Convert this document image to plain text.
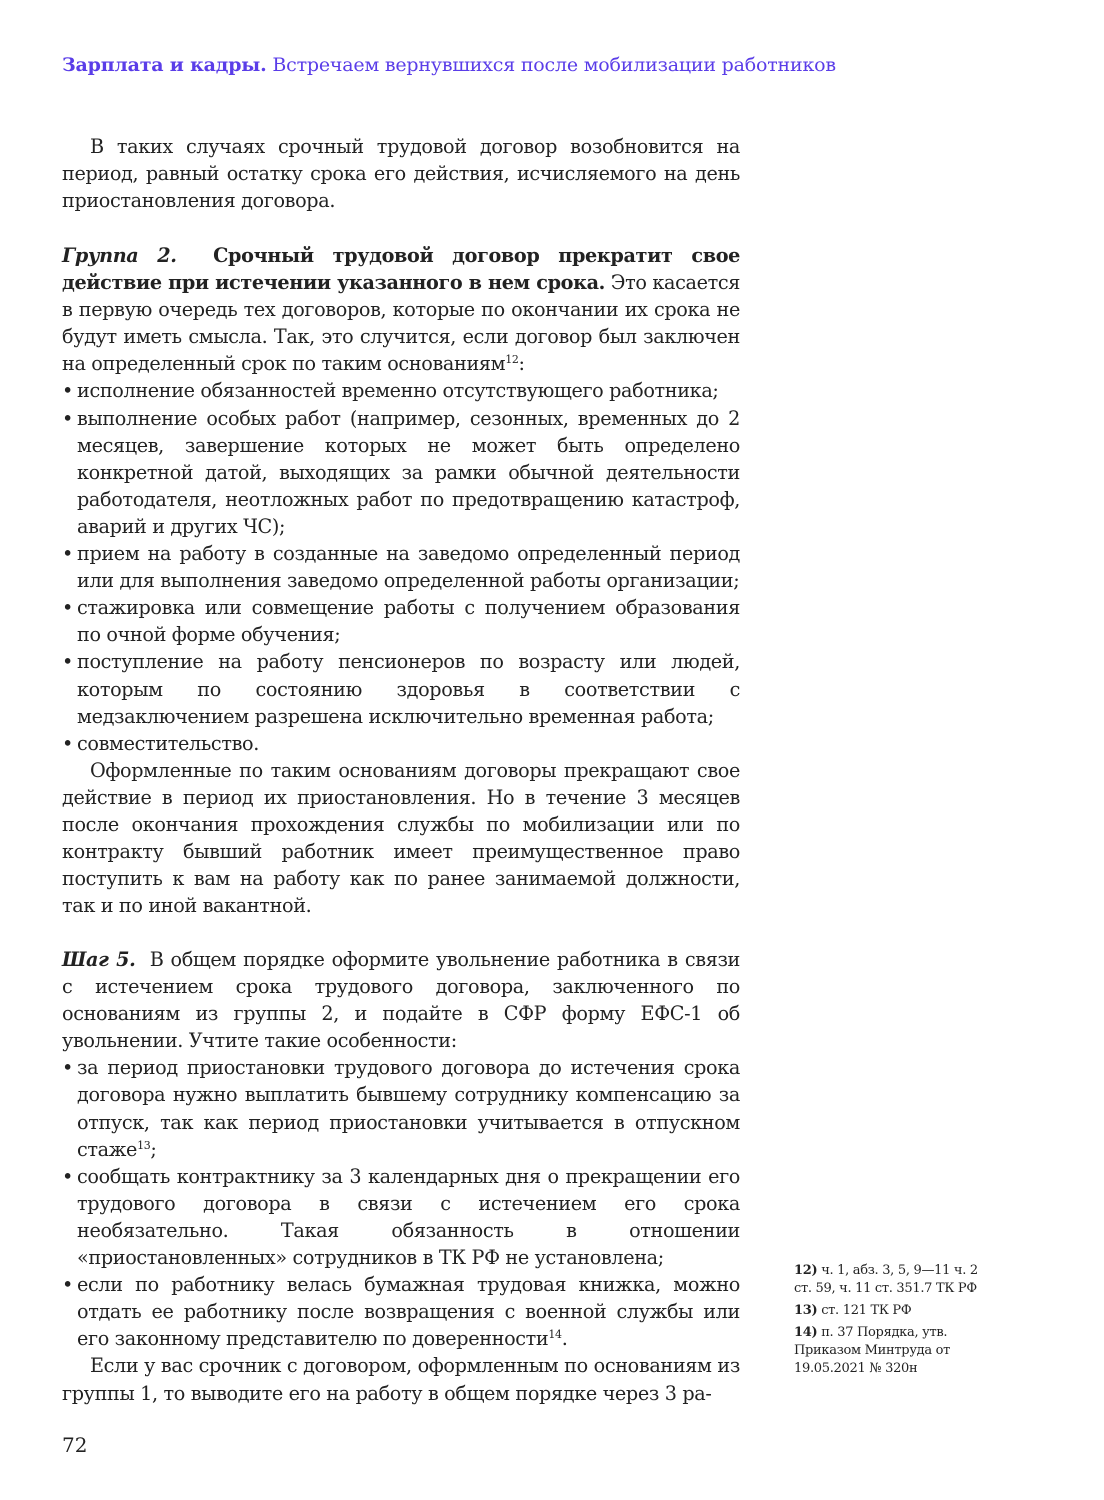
Зарплата и кадры. Встречаем вернувшихся после мобилизации работников

В таких случаях срочный трудовой договор возобновится на период, равный остатку срока его действия, исчисляемого на день приостановления договора.

Группа 2. Срочный трудовой договор прекратит свое действие при истечении указанного в нем срока. Это касается в первую очередь тех договоров, которые по окончании их срока не будут иметь смысла. Так, это случится, если договор был заключен на определенный срок по таким основаниям$^{12}$:

• исполнение обязанностей временно отсутствующего работника;
• выполнение особых работ (например, сезонных, временных до 2 месяцев, завершение которых не может быть определено конкретной датой, выходящих за рамки обычной деятельности работодателя, неотложных работ по предотвращению катастроф, аварий и других ЧС);
• прием на работу в созданные на заведомо определенный период или для выполнения заведомо определенной работы организации;
• стажировка или совмещение работы с получением образования по очной форме обучения;
• поступление на работу пенсионеров по возрасту или людей, которым по состоянию здоровья в соответствии с медзаключением разрешена исключительно временная работа;
• совместительство.

Оформленные по таким основаниям договоры прекращают свое действие в период их приостановления. Но в течение 3 месяцев после окончания прохождения службы по мобилизации или по контракту бывший работник имеет преимущественное право поступить к вам на работу как по ранее занимаемой должности, так и по иной вакантной.

Шаг 5. В общем порядке оформите увольнение работника в связи с истечением срока трудового договора, заключенного по основаниям из группы 2, и подайте в СФР форму ЕФС-1 об увольнении. Учтите такие особенности:

• за период приостановки трудового договора до истечения срока договора нужно выплатить бывшему сотруднику компенсацию за отпуск, так как период приостановки учитывается в отпускном стаже$^{13}$;
• сообщать контрактнику за 3 календарных дня о прекращении его трудового договора в связи с истечением его срока необязательно. Такая обязанность в отношении «приостановленных» сотрудников в ТК РФ не установлена;
• если по работнику велась бумажная трудовая книжка, можно отдать ее работнику после возвращения с военной службы или его законному представителю по доверенности$^{14}$.

Если у вас срочник с договором, оформленным по основаниям из группы 1, то выводите его на работу в общем порядке через 3 ра-

12) ч. 1, абз. 3, 5, 9—11 ч. 2 ст. 59, ч. 11 ст. 351.7 ТК РФ

13) ст. 121 ТК РФ

14) п. 37 Порядка, утв. Приказом Минтруда от 19.05.2021 № 320н

72
